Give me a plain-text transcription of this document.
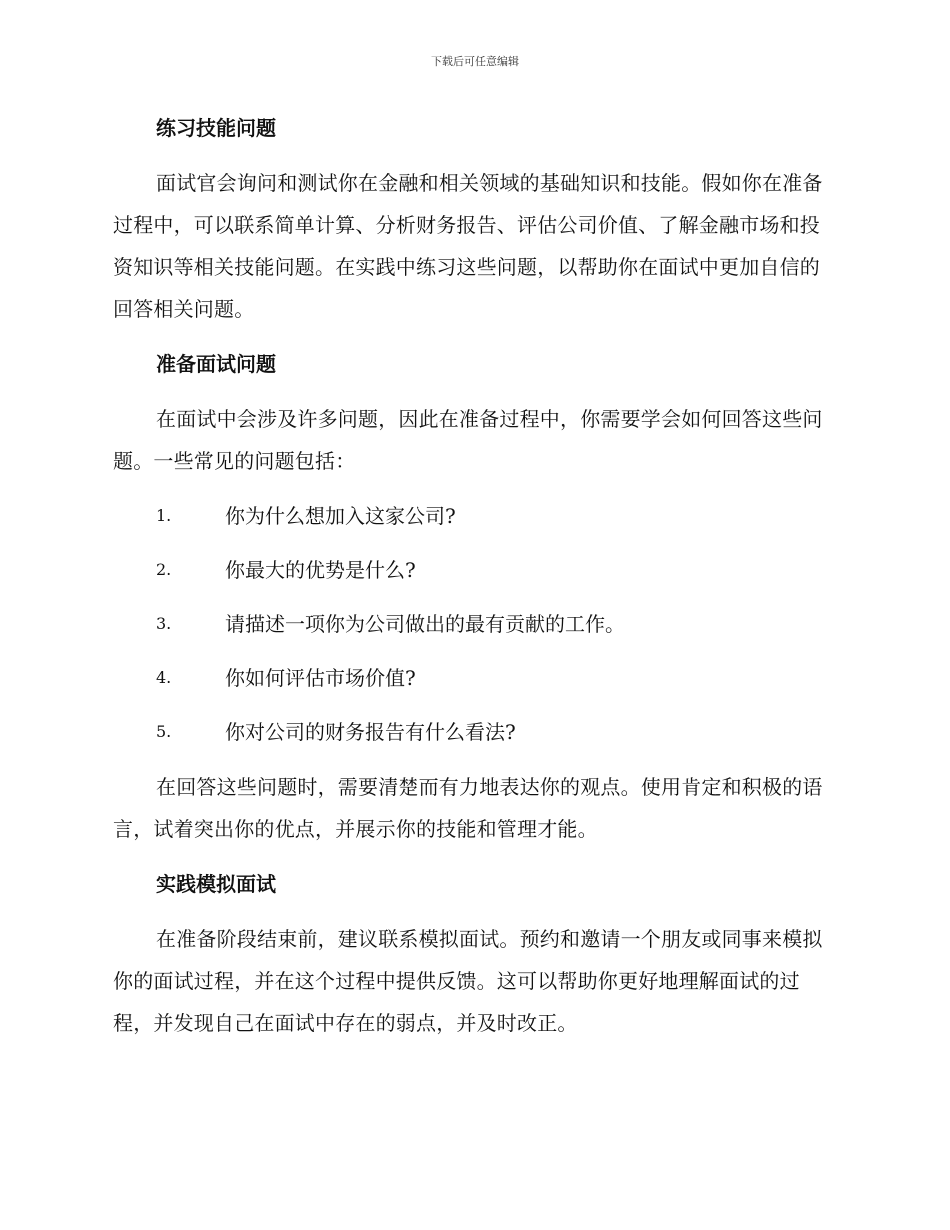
下载后可任意编辑
练习技能问题

面试官会询问和测试你在金融和相关领域的基础知识和技能。假如你在准备过程中，可以联系简单计算、分析财务报告、评估公司价值、了解金融市场和投资知识等相关技能问题。在实践中练习这些问题，以帮助你在面试中更加自信的回答相关问题。

准备面试问题

在面试中会涉及许多问题，因此在准备过程中，你需要学会如何回答这些问题。一些常见的问题包括：

1.	你为什么想加入这家公司?
2.	你最大的优势是什么?
3.	请描述一项你为公司做出的最有贡献的工作。
4.	你如何评估市场价值?
5.	你对公司的财务报告有什么看法?

在回答这些问题时，需要清楚而有力地表达你的观点。使用肯定和积极的语言，试着突出你的优点，并展示你的技能和管理才能。

实践模拟面试

在准备阶段结束前，建议联系模拟面试。预约和邀请一个朋友或同事来模拟你的面试过程，并在这个过程中提供反馈。这可以帮助你更好地理解面试的过程，并发现自己在面试中存在的弱点，并及时改正。
